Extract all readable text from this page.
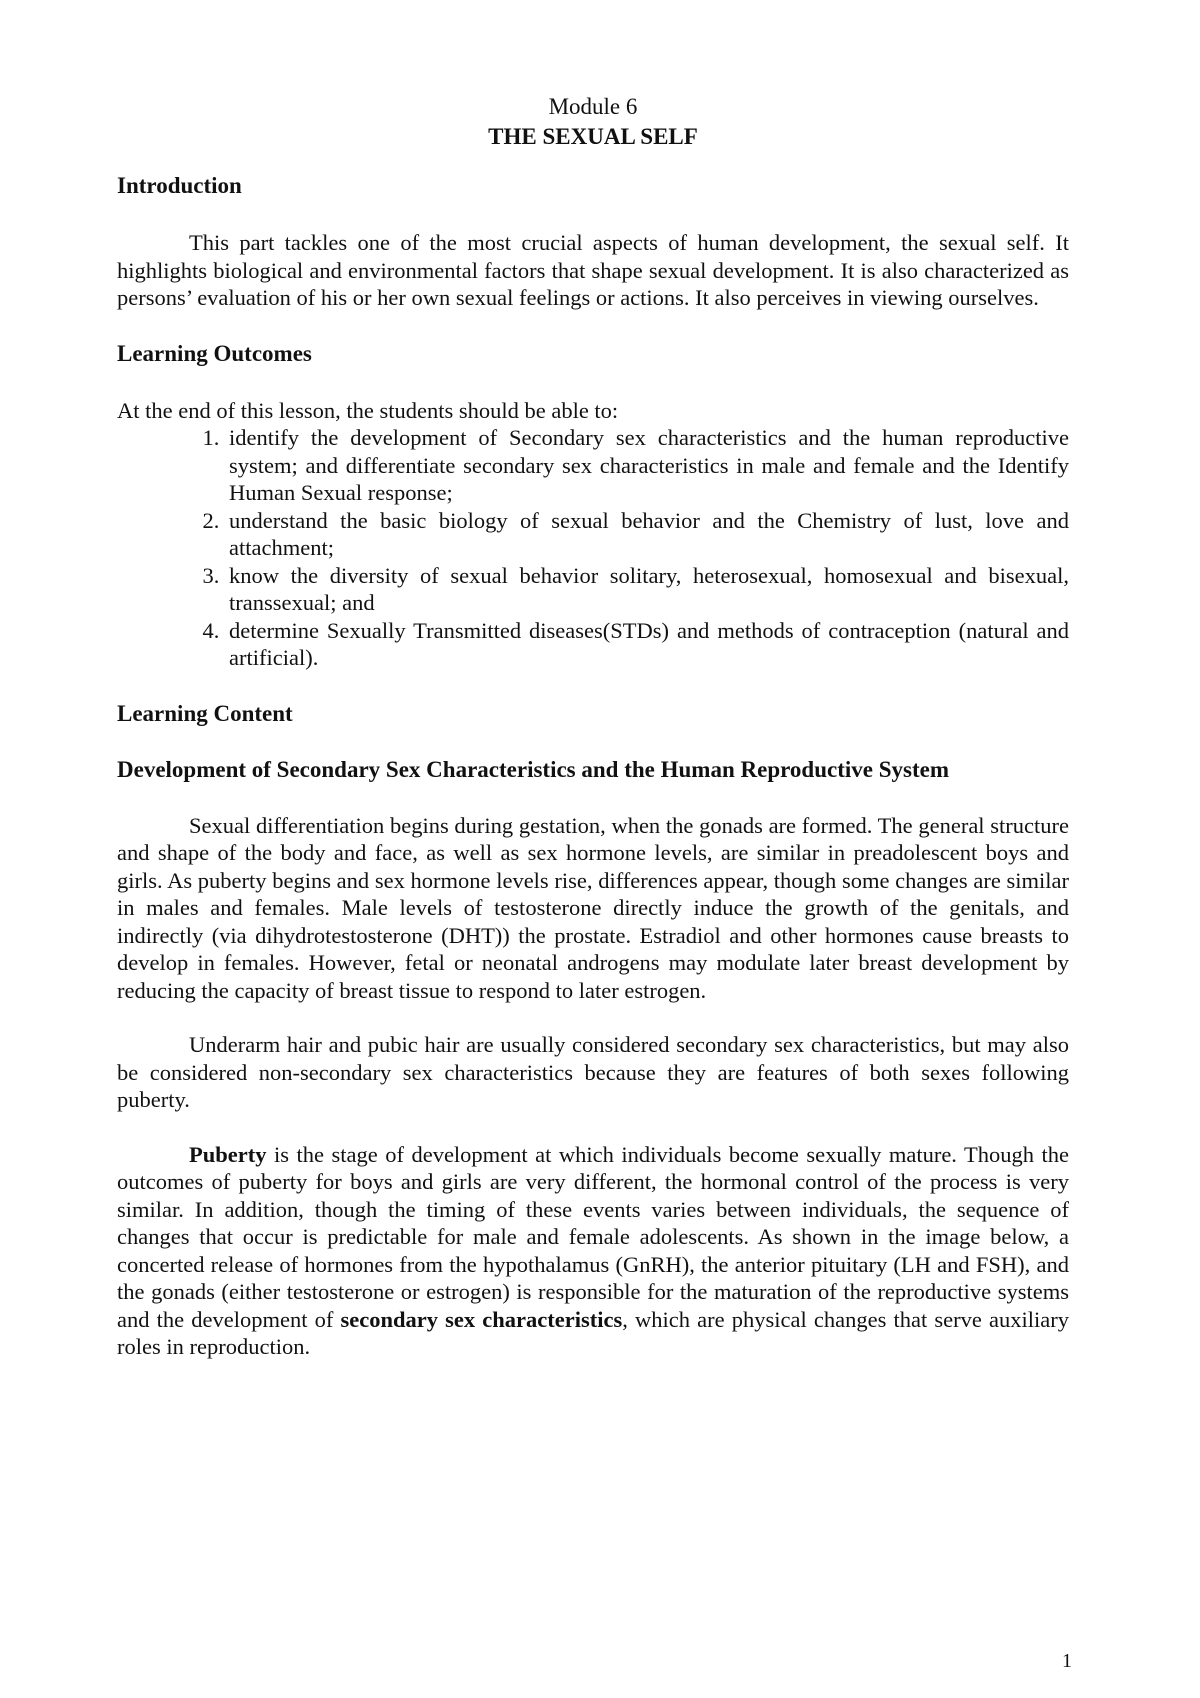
Module 6
THE SEXUAL SELF
Introduction

This part tackles one of the most crucial aspects of human development, the sexual self. It highlights biological and environmental factors that shape sexual development. It is also characterized as persons’ evaluation of his or her own sexual feelings or actions. It also perceives in viewing ourselves.

Learning Outcomes

At the end of this lesson, the students should be able to:

1. identify the development of Secondary sex characteristics and the human reproductive system; and differentiate secondary sex characteristics in male and female and the Identify Human Sexual response;
2. understand the basic biology of sexual behavior and the Chemistry of lust, love and attachment;
3. know the diversity of sexual behavior solitary, heterosexual, homosexual and bisexual, transsexual; and
4. determine Sexually Transmitted diseases(STDs) and methods of contraception (natural and artificial).
Learning Content
Development of Secondary Sex Characteristics and the Human Reproductive System

Sexual differentiation begins during gestation, when the gonads are formed. The general structure and shape of the body and face, as well as sex hormone levels, are similar in preadolescent boys and girls. As puberty begins and sex hormone levels rise, differences appear, though some changes are similar in males and females. Male levels of testosterone directly induce the growth of the genitals, and indirectly (via dihydrotestosterone (DHT)) the prostate. Estradiol and other hormones cause breasts to develop in females. However, fetal or neonatal androgens may modulate later breast development by reducing the capacity of breast tissue to respond to later estrogen.

Underarm hair and pubic hair are usually considered secondary sex characteristics, but may also be considered non-secondary sex characteristics because they are features of both sexes following puberty.

Puberty is the stage of development at which individuals become sexually mature. Though the outcomes of puberty for boys and girls are very different, the hormonal control of the process is very similar. In addition, though the timing of these events varies between individuals, the sequence of changes that occur is predictable for male and female adolescents. As shown in the image below, a concerted release of hormones from the hypothalamus (GnRH), the anterior pituitary (LH and FSH), and the gonads (either testosterone or estrogen) is responsible for the maturation of the reproductive systems and the development of secondary sex characteristics, which are physical changes that serve auxiliary roles in reproduction.

1
